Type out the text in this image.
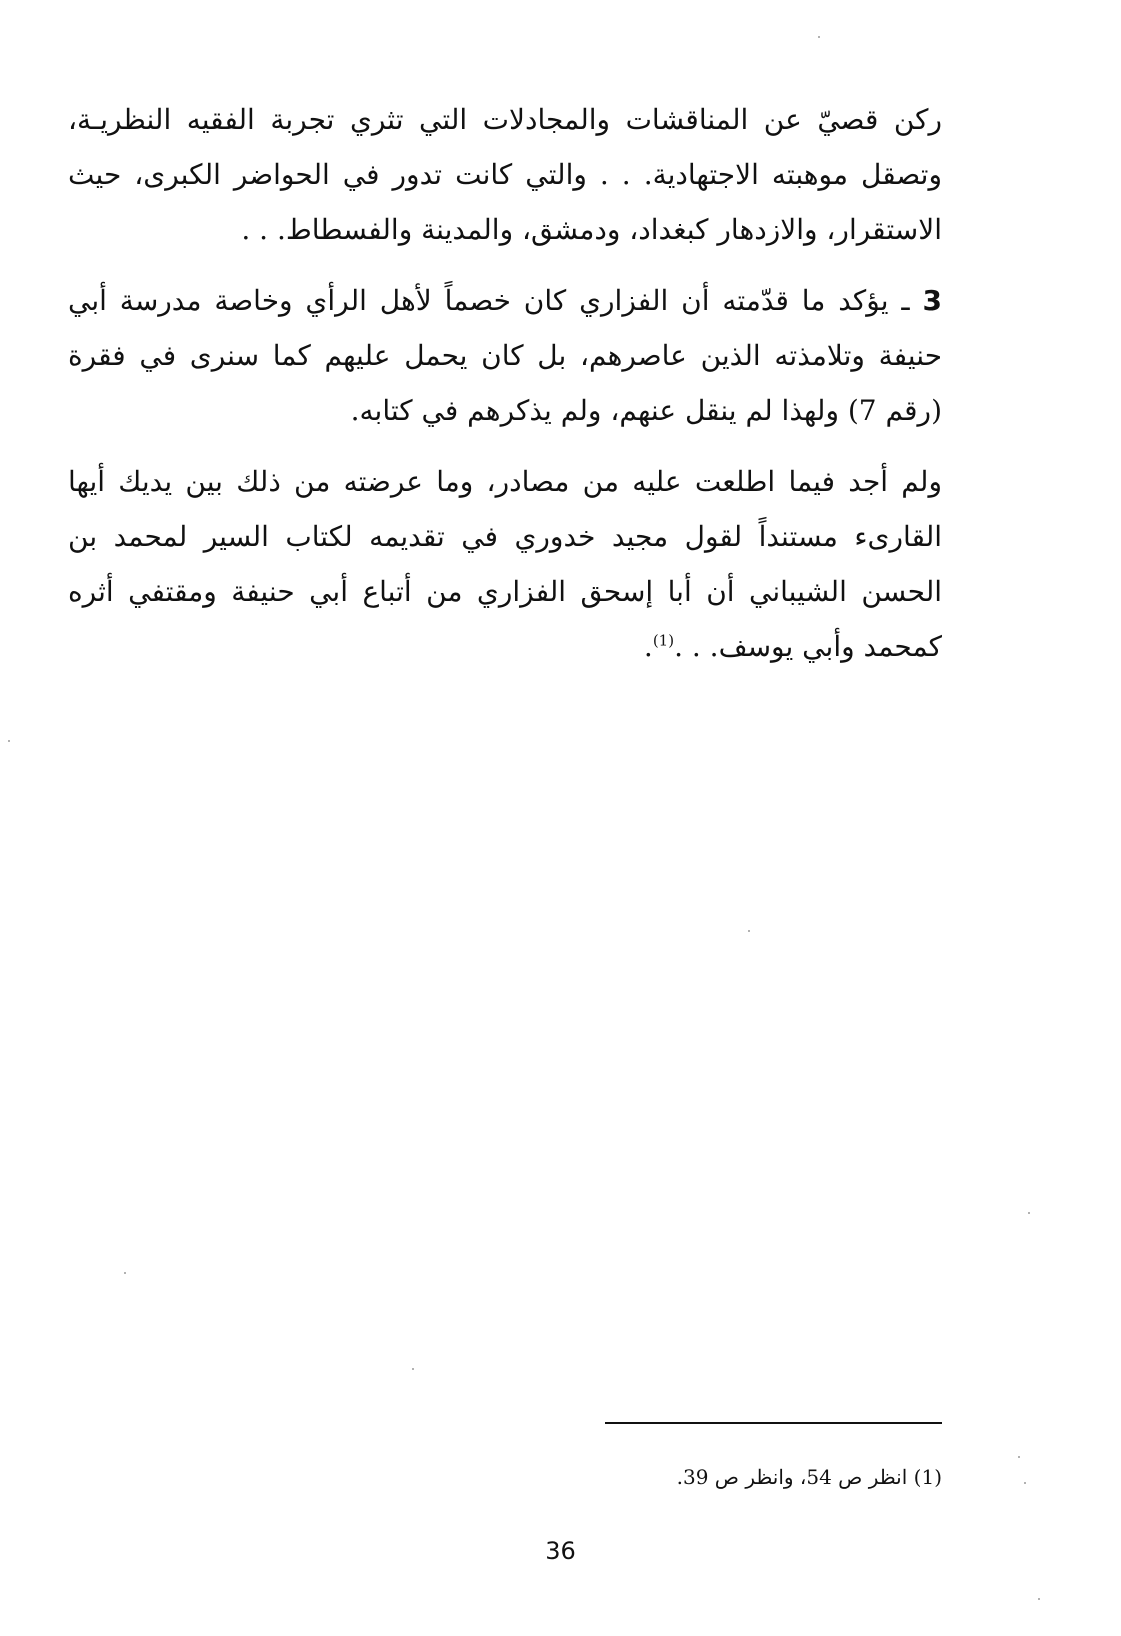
ركن قصيّ عن المناقشات والمجادلات التي تثري تجربة الفقيه النظريـة، وتصقل موهبته الاجتهادية. . . والتي كانت تدور في الحواضر الكبرى، حيث الاستقرار، والازدهار كبغداد، ودمشق، والمدينة والفسطاط. . .

3 ـ يؤكد ما قدّمته أن الفزاري كان خصماً لأهل الرأي وخاصة مدرسة أبي حنيفة وتلامذته الذين عاصرهم، بل كان يحمل عليهم كما سنرى في فقرة (رقم 7) ولهذا لم ينقل عنهم، ولم يذكرهم في كتابه.

ولم أجد فيما اطلعت عليه من مصادر، وما عرضته من ذلك بين يديك أيها القارىء مستنداً لقول مجيد خدوري في تقديمه لكتاب السير لمحمد بن الحسن الشيباني أن أبا إسحق الفزاري من أتباع أبي حنيفة ومقتفي أثره كمحمد وأبي يوسف. . .$^{(1)}$.

(1) انظر ص 54، وانظر ص 39.
36
